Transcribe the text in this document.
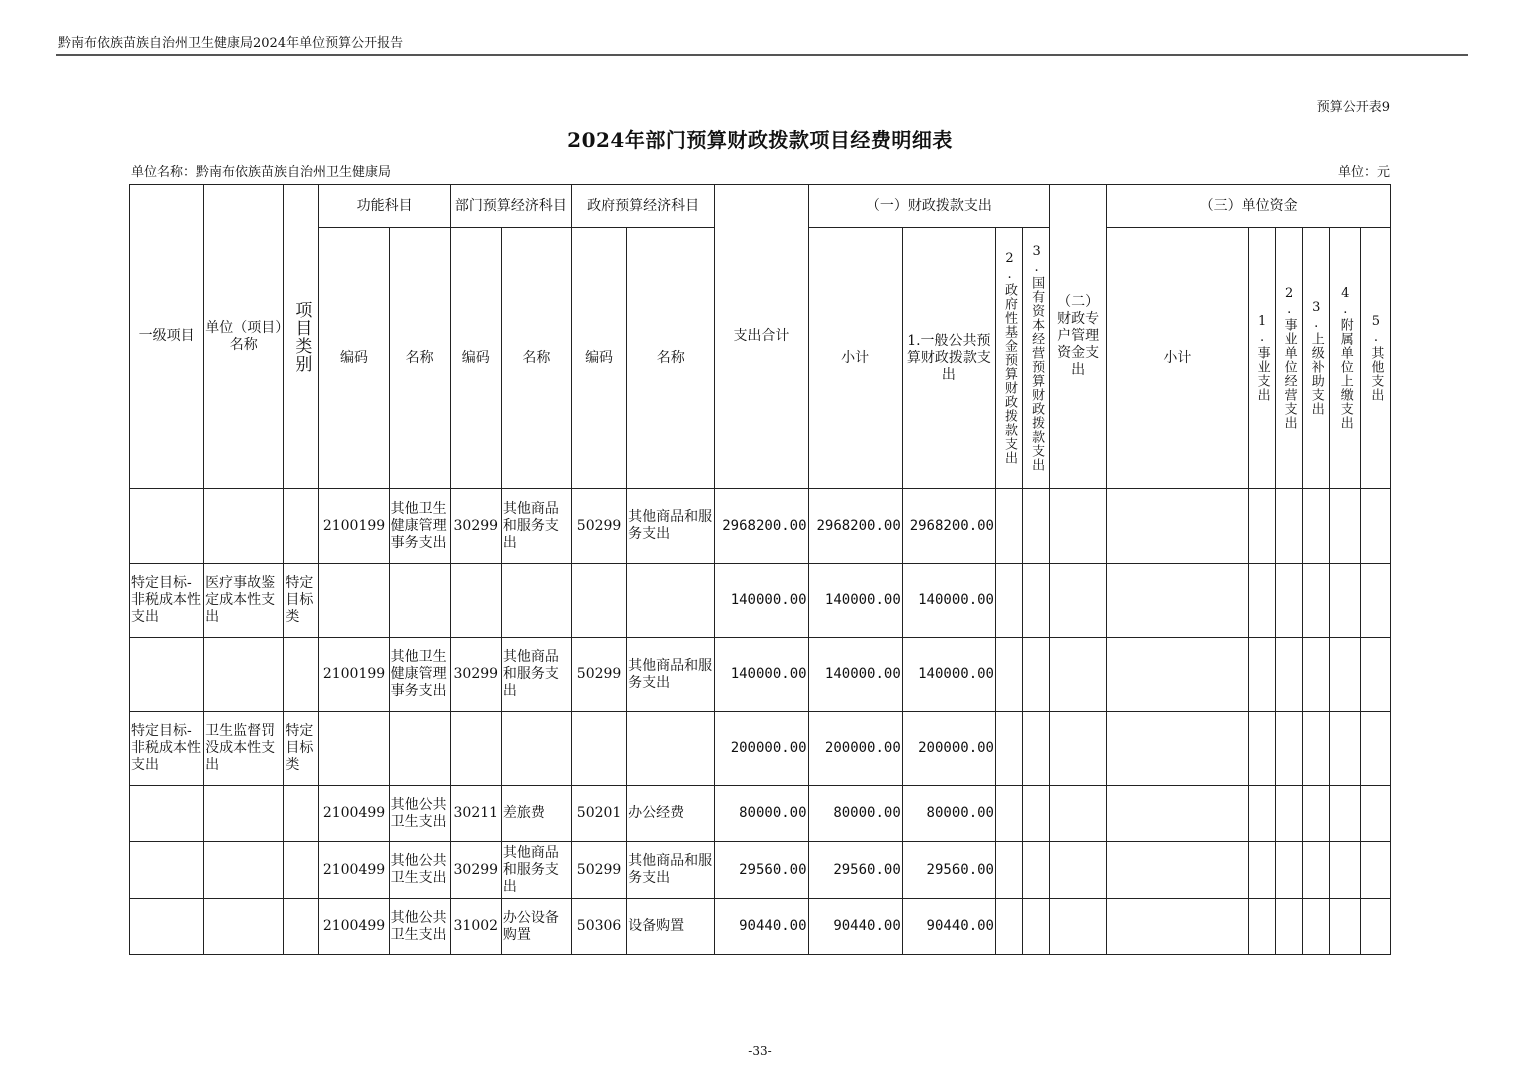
黔南布依族苗族自治州卫生健康局2024年单位预算公开报告
预算公开表9
2024年部门预算财政拨款项目经费明细表
单位名称：黔南布依族苗族自治州卫生健康局	单位：元
一级项目	单位（项目）名称	项目类别	功能科目		部门预算经济科目		政府预算经济科目		支出合计	（一）财政拨款支出				（二）财政专户管理资金支出	（三）单位资金					
			编码	名称	编码	名称	编码	名称		小计	1.一般公共预算财政拨款支出	2.政府性基金预算财政拨款支出	3.国有资本经营预算财政拨款支出		小计	1.事业支出	2.事业单位经营支出	3.上级补助支出	4.附属单位上缴支出	5.其他支出

			2100199	其他卫生健康管理事务支出	30299	其他商品和服务支出	50299	其他商品和服务支出	2968200.00	2968200.00	2968200.00									
特定目标-非税成本性支出	医疗事故鉴定成本性支出	特定目标类							140000.00	140000.00	140000.00									
			2100199	其他卫生健康管理事务支出	30299	其他商品和服务支出	50299	其他商品和服务支出	140000.00	140000.00	140000.00									
特定目标-非税成本性支出	卫生监督罚没成本性支出	特定目标类							200000.00	200000.00	200000.00									
			2100499	其他公共卫生支出	30211	差旅费	50201	办公经费	80000.00	80000.00	80000.00									
			2100499	其他公共卫生支出	30299	其他商品和服务支出	50299	其他商品和服务支出	29560.00	29560.00	29560.00									
			2100499	其他公共卫生支出	31002	办公设备购置	50306	设备购置	90440.00	90440.00	90440.00									
-33-
